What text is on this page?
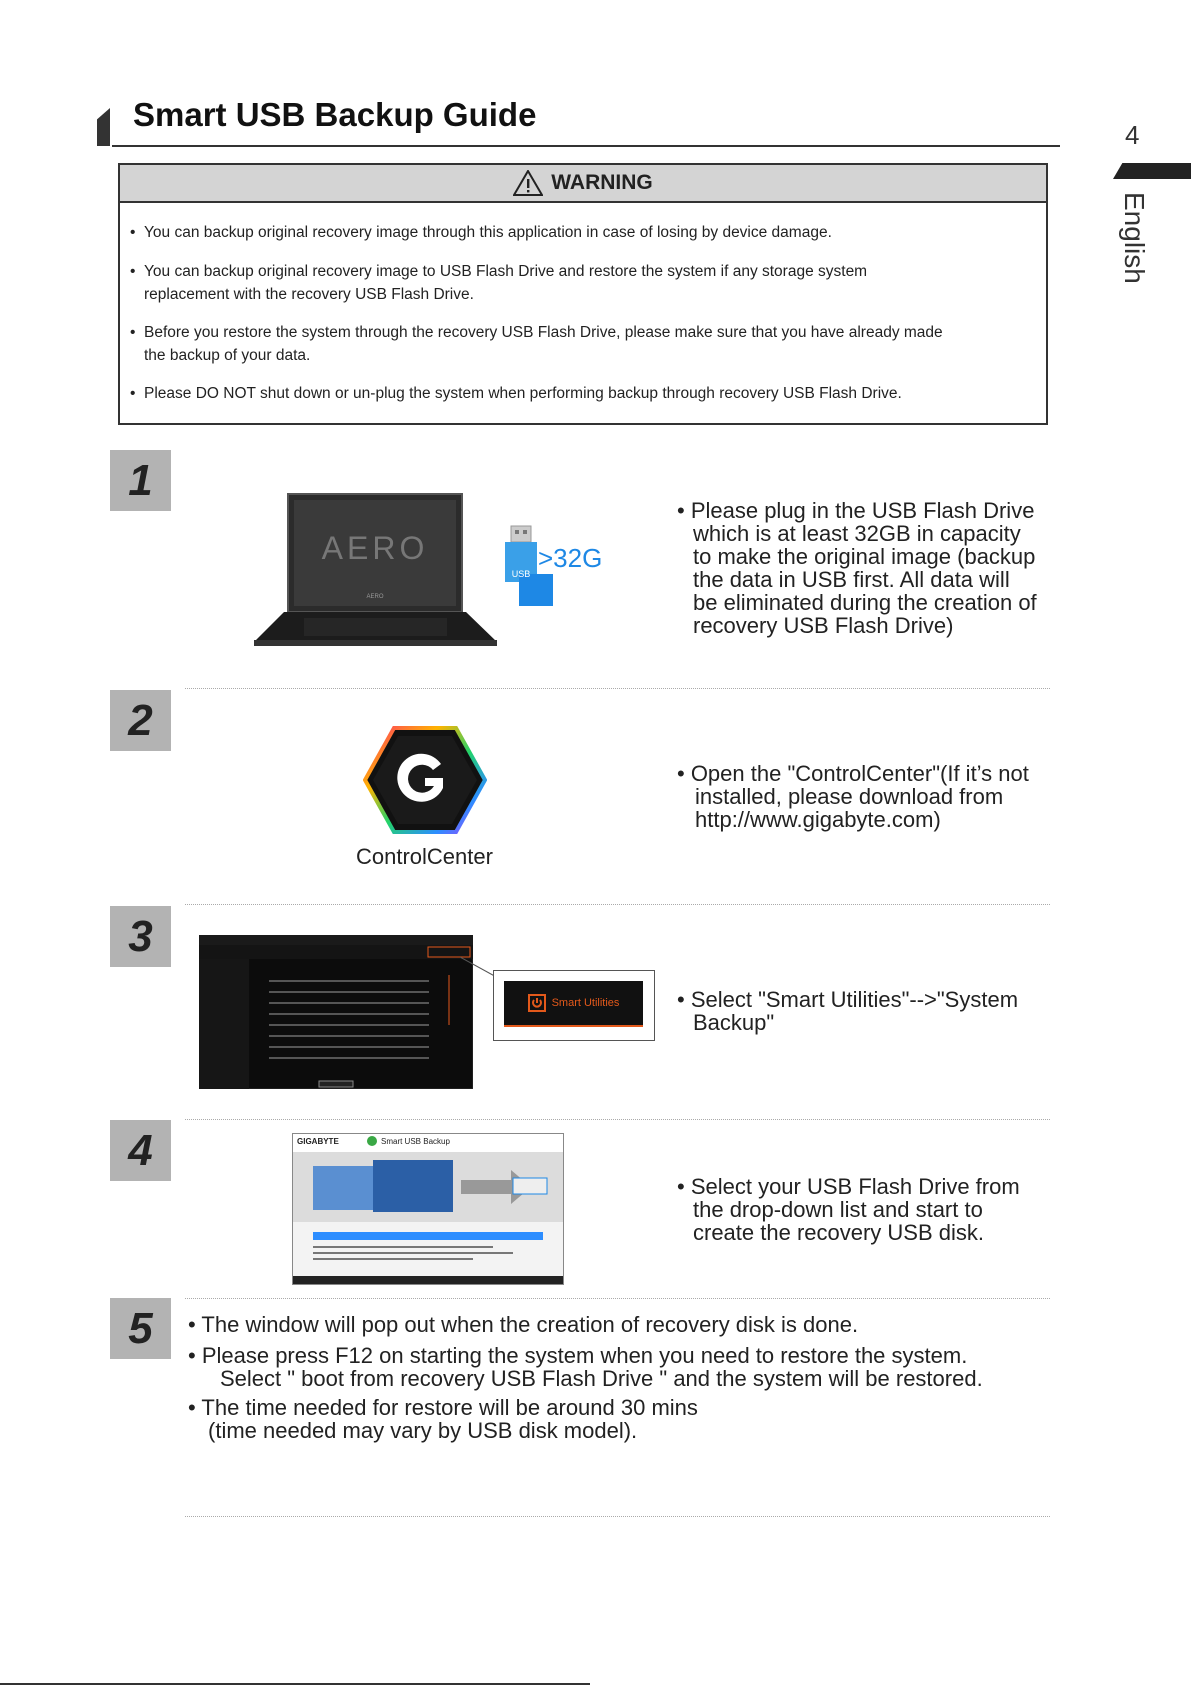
Smart USB Backup Guide
4
English
WARNING
• You can backup original recovery image through this application in case of losing by device damage.
• You can backup original recovery image to USB Flash Drive and restore the system if any storage system
replacement with the recovery USB Flash Drive.
• Before you restore the system through the recovery USB Flash Drive, please make sure that you have already made
the backup of your data.
• Please DO NOT shut down or un-plug the system when performing backup through recovery USB Flash Drive.
1
AERO
AERO
USB
>32G
• Please plug in the USB Flash Drive
which is at least 32GB in capacity
to make the original image (backup
the data in USB first. All data will
be eliminated during the creation of
recovery USB Flash Drive)
2
ControlCenter
• Open the "ControlCenter"(If it’s not
installed, please download from
http://www.gigabyte.com)
3
Smart Utilities	• Select "Smart Utilities"-->"System
Backup"
4	GIGABYTE	Smart USB Backup
• Select your USB Flash Drive from
the drop-down list and start to
create the recovery USB disk.
5	• The window will pop out when the creation of recovery disk is done.
• Please press F12 on starting the system when you need to restore the system.
Select " boot from recovery USB Flash Drive " and the system will be restored.
• The time needed for restore will be around 30 mins
(time needed may vary by USB disk model).
